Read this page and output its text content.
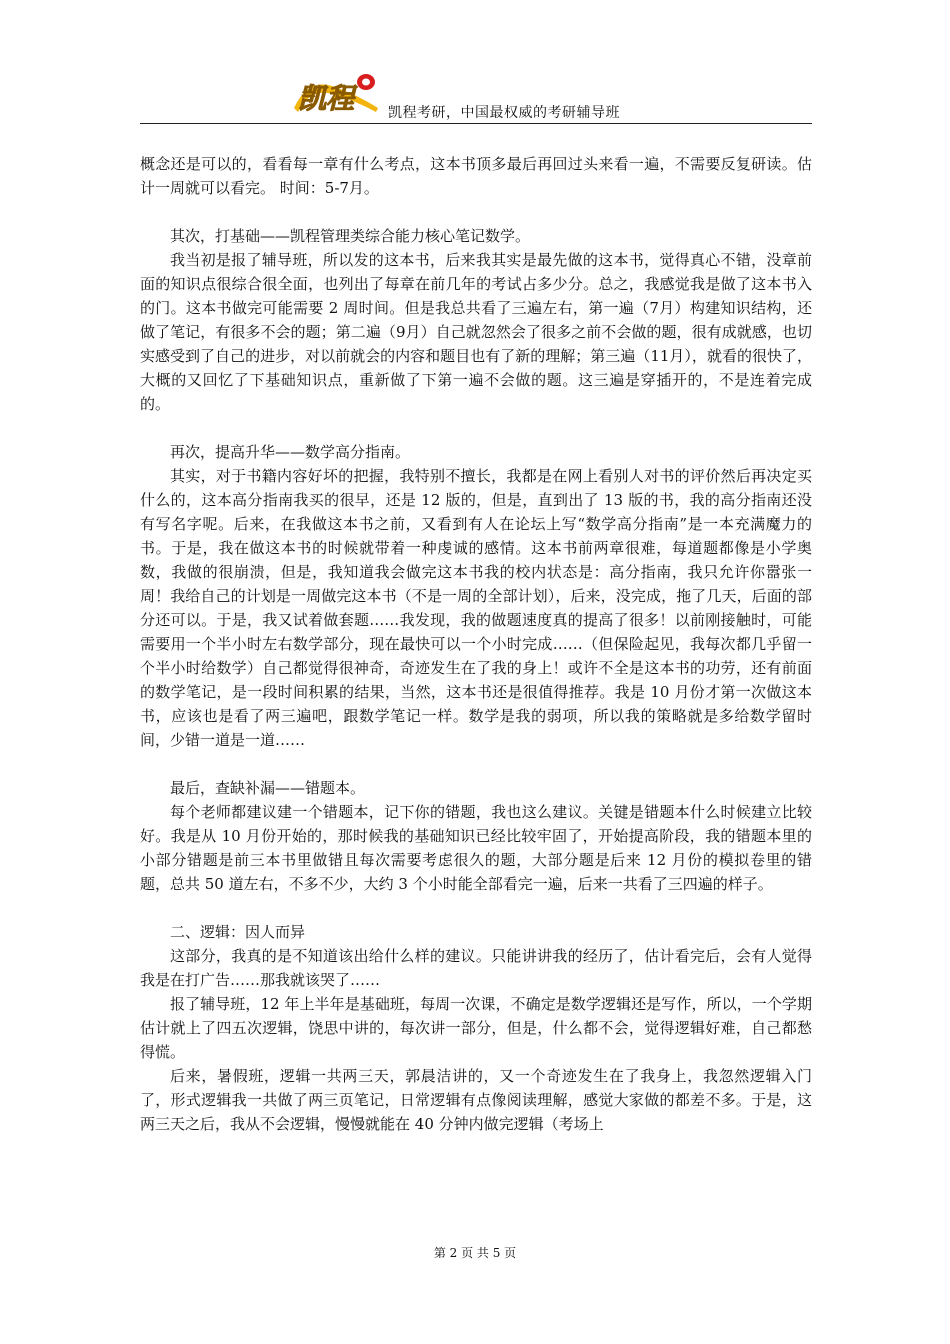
凯程 凯程考研，中国最权威的考研辅导班

概念还是可以的，看看每一章有什么考点，这本书顶多最后再回过头来看一遍，不需要反复研读。估计一周就可以看完。 时间：5-7月。

其次，打基础——凯程管理类综合能力核心笔记数学。

我当初是报了辅导班，所以发的这本书，后来我其实是最先做的这本书，觉得真心不错，没章前面的知识点很综合很全面，也列出了每章在前几年的考试占多少分。总之，我感觉我是做了这本书入的门。这本书做完可能需要 2 周时间。但是我总共看了三遍左右，第一遍（7月）构建知识结构，还做了笔记，有很多不会的题；第二遍（9月）自己就忽然会了很多之前不会做的题，很有成就感，也切实感受到了自己的进步，对以前就会的内容和题目也有了新的理解；第三遍（11月），就看的很快了，大概的又回忆了下基础知识点，重新做了下第一遍不会做的题。这三遍是穿插开的，不是连着完成的。

再次，提高升华——数学高分指南。

其实，对于书籍内容好坏的把握，我特别不擅长，我都是在网上看别人对书的评价然后再决定买什么的，这本高分指南我买的很早，还是 12 版的，但是，直到出了 13 版的书，我的高分指南还没有写名字呢。后来，在我做这本书之前，又看到有人在论坛上写“数学高分指南”是一本充满魔力的书。于是，我在做这本书的时候就带着一种虔诚的感情。这本书前两章很难，每道题都像是小学奥数，我做的很崩溃，但是，我知道我会做完这本书我的校内状态是：高分指南，我只允许你嚣张一周！我给自己的计划是一周做完这本书（不是一周的全部计划），后来，没完成，拖了几天，后面的部分还可以。于是，我又试着做套题……我发现，我的做题速度真的提高了很多！以前刚接触时，可能需要用一个半小时左右数学部分，现在最快可以一个小时完成……（但保险起见，我每次都几乎留一个半小时给数学）自己都觉得很神奇，奇迹发生在了我的身上！或许不全是这本书的功劳，还有前面的数学笔记，是一段时间积累的结果，当然，这本书还是很值得推荐。我是 10 月份才第一次做这本书，应该也是看了两三遍吧，跟数学笔记一样。数学是我的弱项，所以我的策略就是多给数学留时间，少错一道是一道……

最后，查缺补漏——错题本。

每个老师都建议建一个错题本，记下你的错题，我也这么建议。关键是错题本什么时候建立比较好。我是从 10 月份开始的，那时候我的基础知识已经比较牢固了，开始提高阶段，我的错题本里的小部分错题是前三本书里做错且每次需要考虑很久的题，大部分题是后来 12 月份的模拟卷里的错题，总共 50 道左右，不多不少，大约 3 个小时能全部看完一遍，后来一共看了三四遍的样子。

二、逻辑：因人而异

这部分，我真的是不知道该出给什么样的建议。只能讲讲我的经历了，估计看完后，会有人觉得我是在打广告……那我就该哭了……

报了辅导班，12 年上半年是基础班，每周一次课，不确定是数学逻辑还是写作，所以，一个学期估计就上了四五次逻辑，饶思中讲的，每次讲一部分，但是，什么都不会，觉得逻辑好难，自己都愁得慌。

后来，暑假班，逻辑一共两三天，郭晨洁讲的，又一个奇迹发生在了我身上，我忽然逻辑入门了，形式逻辑我一共做了两三页笔记，日常逻辑有点像阅读理解，感觉大家做的都差不多。于是，这两三天之后，我从不会逻辑，慢慢就能在 40 分钟内做完逻辑（考场上

第 2 页 共 5 页
